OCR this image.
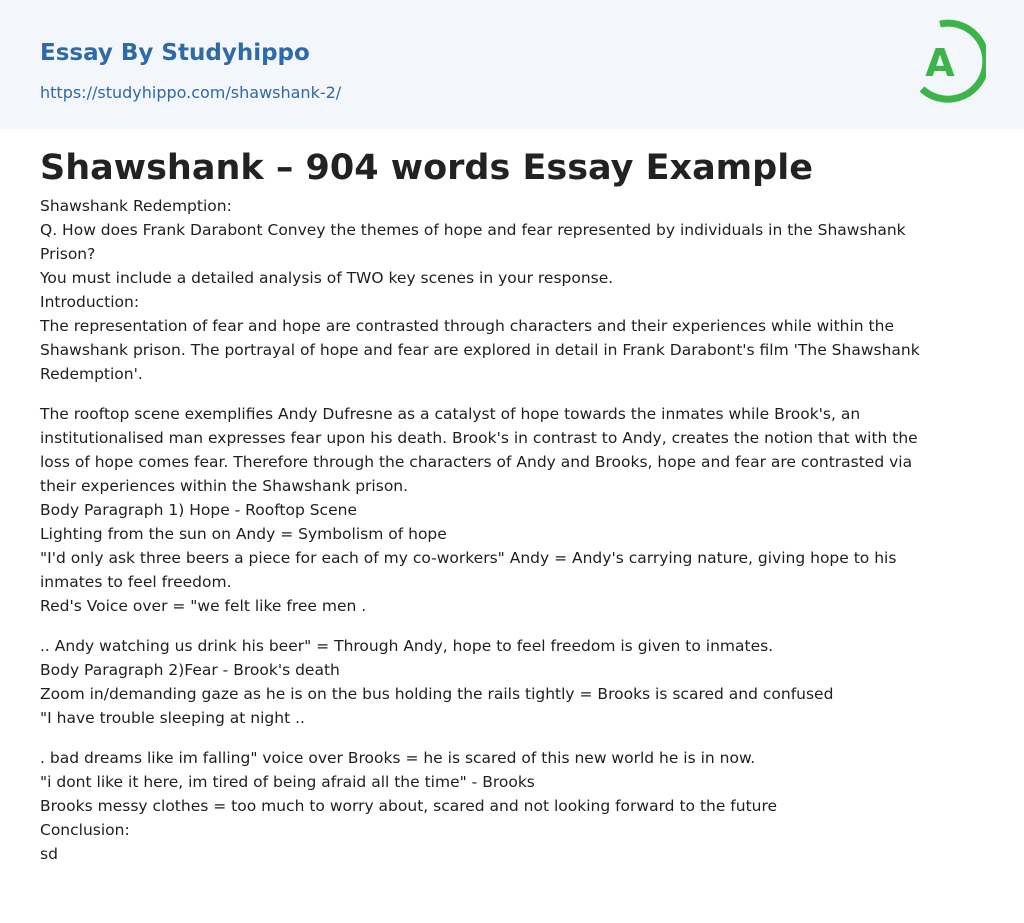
Essay By Studyhippo
https://studyhippo.com/shawshank-2/
A
Shawshank – 904 words Essay Example
Shawshank Redemption:
Q. How does Frank Darabont Convey the themes of hope and fear represented by individuals in the Shawshank
Prison?
You must include a detailed analysis of TWO key scenes in your response.
Introduction:
The representation of fear and hope are contrasted through characters and their experiences while within the
Shawshank prison. The portrayal of hope and fear are explored in detail in Frank Darabont's film 'The Shawshank
Redemption'.
The rooftop scene exemplifies Andy Dufresne as a catalyst of hope towards the inmates while Brook's, an
institutionalised man expresses fear upon his death. Brook's in contrast to Andy, creates the notion that with the
loss of hope comes fear. Therefore through the characters of Andy and Brooks, hope and fear are contrasted via
their experiences within the Shawshank prison.
Body Paragraph 1) Hope - Rooftop Scene
Lighting from the sun on Andy = Symbolism of hope
"I'd only ask three beers a piece for each of my co-workers" Andy = Andy's carrying nature, giving hope to his
inmates to feel freedom.
Red's Voice over = "we felt like free men .
.. Andy watching us drink his beer" = Through Andy, hope to feel freedom is given to inmates.
Body Paragraph 2)Fear - Brook's death
Zoom in/demanding gaze as he is on the bus holding the rails tightly = Brooks is scared and confused
"I have trouble sleeping at night ..
. bad dreams like im falling" voice over Brooks = he is scared of this new world he is in now.
"i dont like it here, im tired of being afraid all the time" - Brooks
Brooks messy clothes = too much to worry about, scared and not looking forward to the future
Conclusion:
sd
